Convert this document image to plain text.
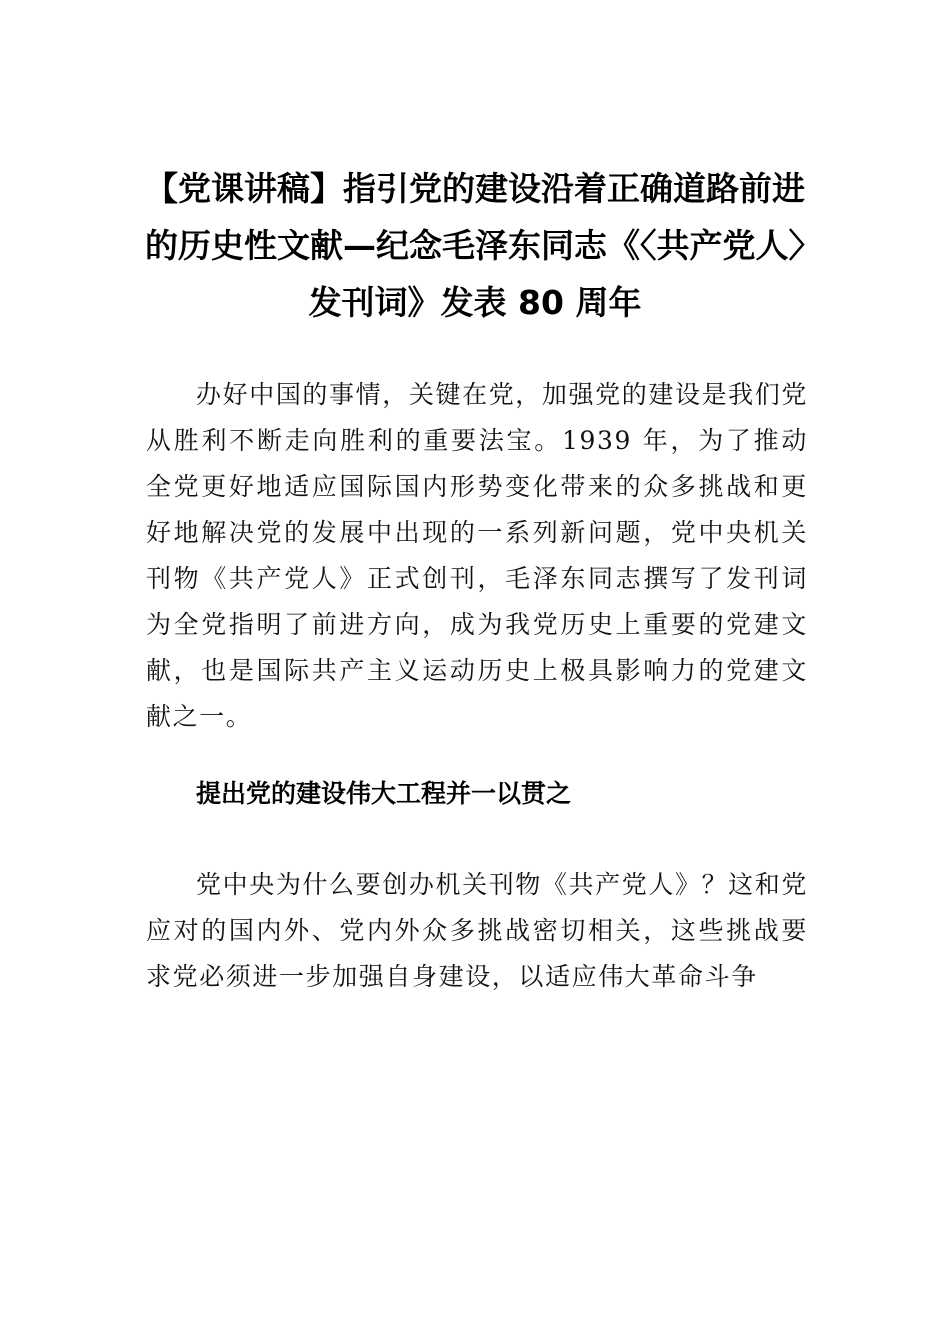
【党课讲稿】指引党的建设沿着正确道路前进的历史性文献—纪念毛泽东同志《〈共产党人〉发刊词》发表 80 周年

办好中国的事情，关键在党，加强党的建设是我们党从胜利不断走向胜利的重要法宝。1939 年，为了推动全党更好地适应国际国内形势变化带来的众多挑战和更好地解决党的发展中出现的一系列新问题，党中央机关刊物《共产党人》正式创刊，毛泽东同志撰写了发刊词 为全党指明了前进方向，成为我党历史上重要的党建文献，也是国际共产主义运动历史上极具影响力的党建文献之一。

提出党的建设伟大工程并一以贯之

党中央为什么要创办机关刊物《共产党人》？这和党应对的国内外、党内外众多挑战密切相关，这些挑战要求党必须进一步加强自身建设，以适应伟大革命斗争
